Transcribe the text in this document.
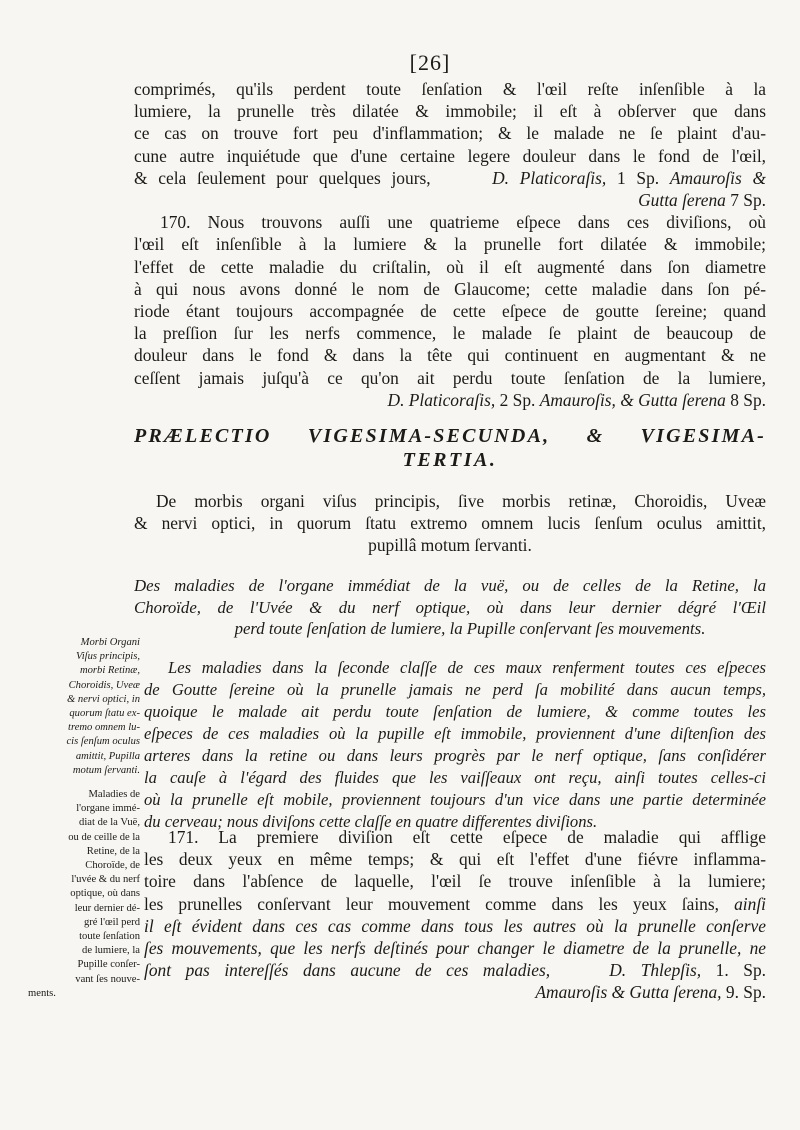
[26]
comprimés, qu'ils perdent toute ſenſation & l'œil reſte inſenſible à la
lumiere, la prunelle très dilatée & immobile; il eſt à obſerver que dans
ce cas on trouve fort peu d'inflammation; & le malade ne ſe plaint d'au-
cune autre inquiétude que d'une certaine legere douleur dans le fond de l'œil,
& cela ſeulement pour quelques jours,	D. Platicoraſis, 1 Sp. Amauroſis &
Gutta ſerena 7 Sp.
170. Nous trouvons auſſi une quatrieme eſpece dans ces diviſions, où
l'œil eſt inſenſible à la lumiere & la prunelle fort dilatée & immobile;
l'effet de cette maladie du criſtalin, où il eſt augmenté dans ſon diametre
à qui nous avons donné le nom de Glaucome; cette maladie dans ſon pé-
riode étant toujours accompagnée de cette eſpece de goutte ſereine; quand
la preſſion ſur les nerfs commence, le malade ſe plaint de beaucoup de
douleur dans le fond & dans la tête qui continuent en augmentant & ne
ceſſent jamais juſqu'à ce qu'on ait perdu toute ſenſation de la lumiere,
D. Platicoraſis, 2 Sp. Amauroſis, & Gutta ſerena 8 Sp.
PRÆLECTIO VIGESIMA-SECUNDA, & VIGESIMA-
TERTIA.
De morbis organi viſus principis, ſive morbis retinæ, Choroidis, Uveæ
& nervi optici, in quorum ſtatu extremo omnem lucis ſenſum oculus amittit,
pupillâ motum ſervanti.
Des maladies de l'organe immédiat de la vuë, ou de celles de la Retine, la
Choroïde, de l'Uvée & du nerf optique, où dans leur dernier dégré l'Œil
perd toute ſenſation de lumiere, la Pupille conſervant ſes mouvements.
Morbi Organi
Viſus principis,
morbi Retinæ,
Choroidis, Uveæ
& nervi optici, in
quorum ſtatu ex-
tremo omnem lu-
cis ſenſum oculus
amittit, Pupilla
motum ſervanti.
Les maladies dans la ſeconde claſſe de ces maux renferment toutes ces eſpeces
de Goutte ſereine où la prunelle jamais ne perd ſa mobilité dans aucun temps,
quoique le malade ait perdu toute ſenſation de lumiere, & comme toutes les
eſpeces de ces maladies où la pupille eſt immobile, proviennent d'une diſtenſion des
arteres dans la retine ou dans leurs progrès par le nerf optique, ſans conſidérer
la cauſe à l'égard des fluides que les vaiſſeaux ont reçu, ainſi toutes celles-ci
où la prunelle eſt mobile, proviennent toujours d'un vice dans une partie determinée
du cerveau; nous diviſons cette claſſe en quatre differentes diviſions.
Maladies de
l'organe immé-
diat de la Vuë,
ou de ceille de la
Retine, de la
Choroïde, de
l'uvée & du nerf
optique, où dans
leur dernier dé-
gré l'œil perd
toute ſenſation
de lumiere, la
Pupille conſer-
vant ſes nouve-
ments.
171. La premiere diviſion eſt cette eſpece de maladie qui afflige
les deux yeux en même temps; & qui eſt l'effet d'une fiévre inflamma-
toire dans l'abſence de laquelle, l'œil ſe trouve inſenſible à la lumiere;
les prunelles conſervant leur mouvement comme dans les yeux ſains, ainſi
il eſt évident dans ces cas comme dans tous les autres où la prunelle conſerve
ſes mouvements, que les nerfs deſtinés pour changer le diametre de la prunelle, ne
ſont pas intereſſés dans aucune de ces maladies,	D. Thlepſis, 1. Sp.
Amauroſis & Gutta ſerena, 9. Sp.
